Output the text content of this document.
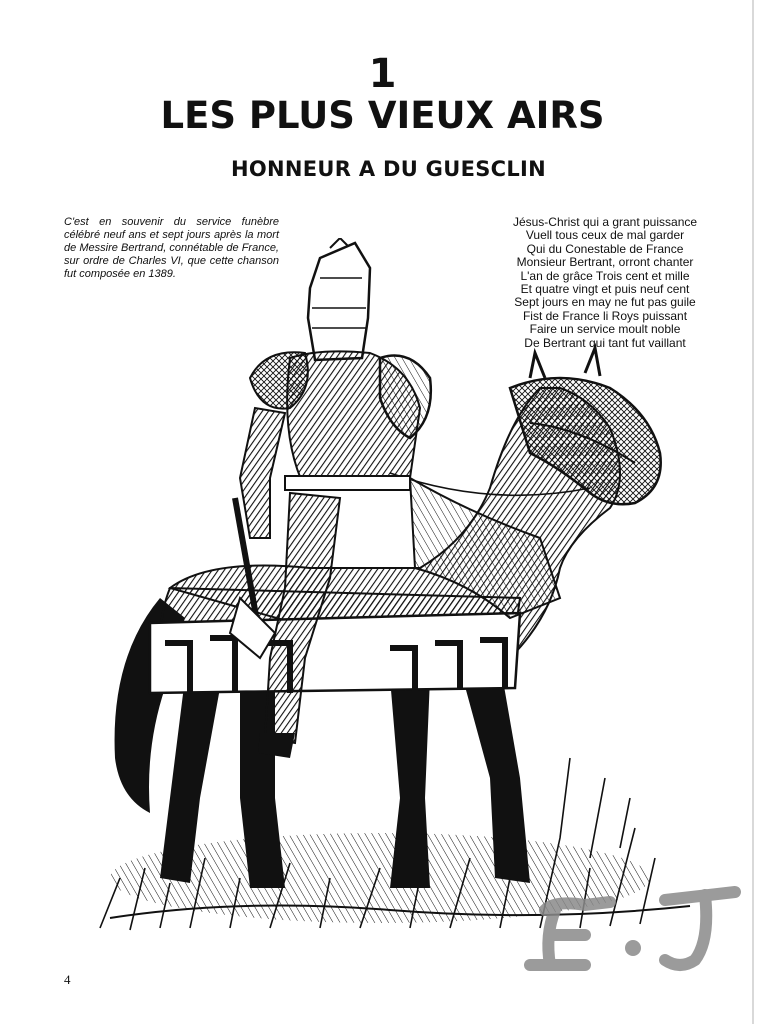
1
LES PLUS VIEUX AIRS
HONNEUR A DU GUESCLIN
C'est en souvenir du service funèbre célébré neuf ans et sept jours après la mort de Messire Bertrand, connétable de France, sur ordre de Charles VI, que cette chanson fut composée en 1389.
Jésus-Christ qui a grant puissance
Vuell tous ceux de mal garder
Qui du Conestable de France
Monsieur Bertrant, orront chanter
L'an de grâce Trois cent et mille
Et quatre vingt et puis neuf cent
Sept jours en may ne fut pas guile
Fist de France li Roys puissant
Faire un service moult noble
De Bertrant qui tant fut vaillant
4
